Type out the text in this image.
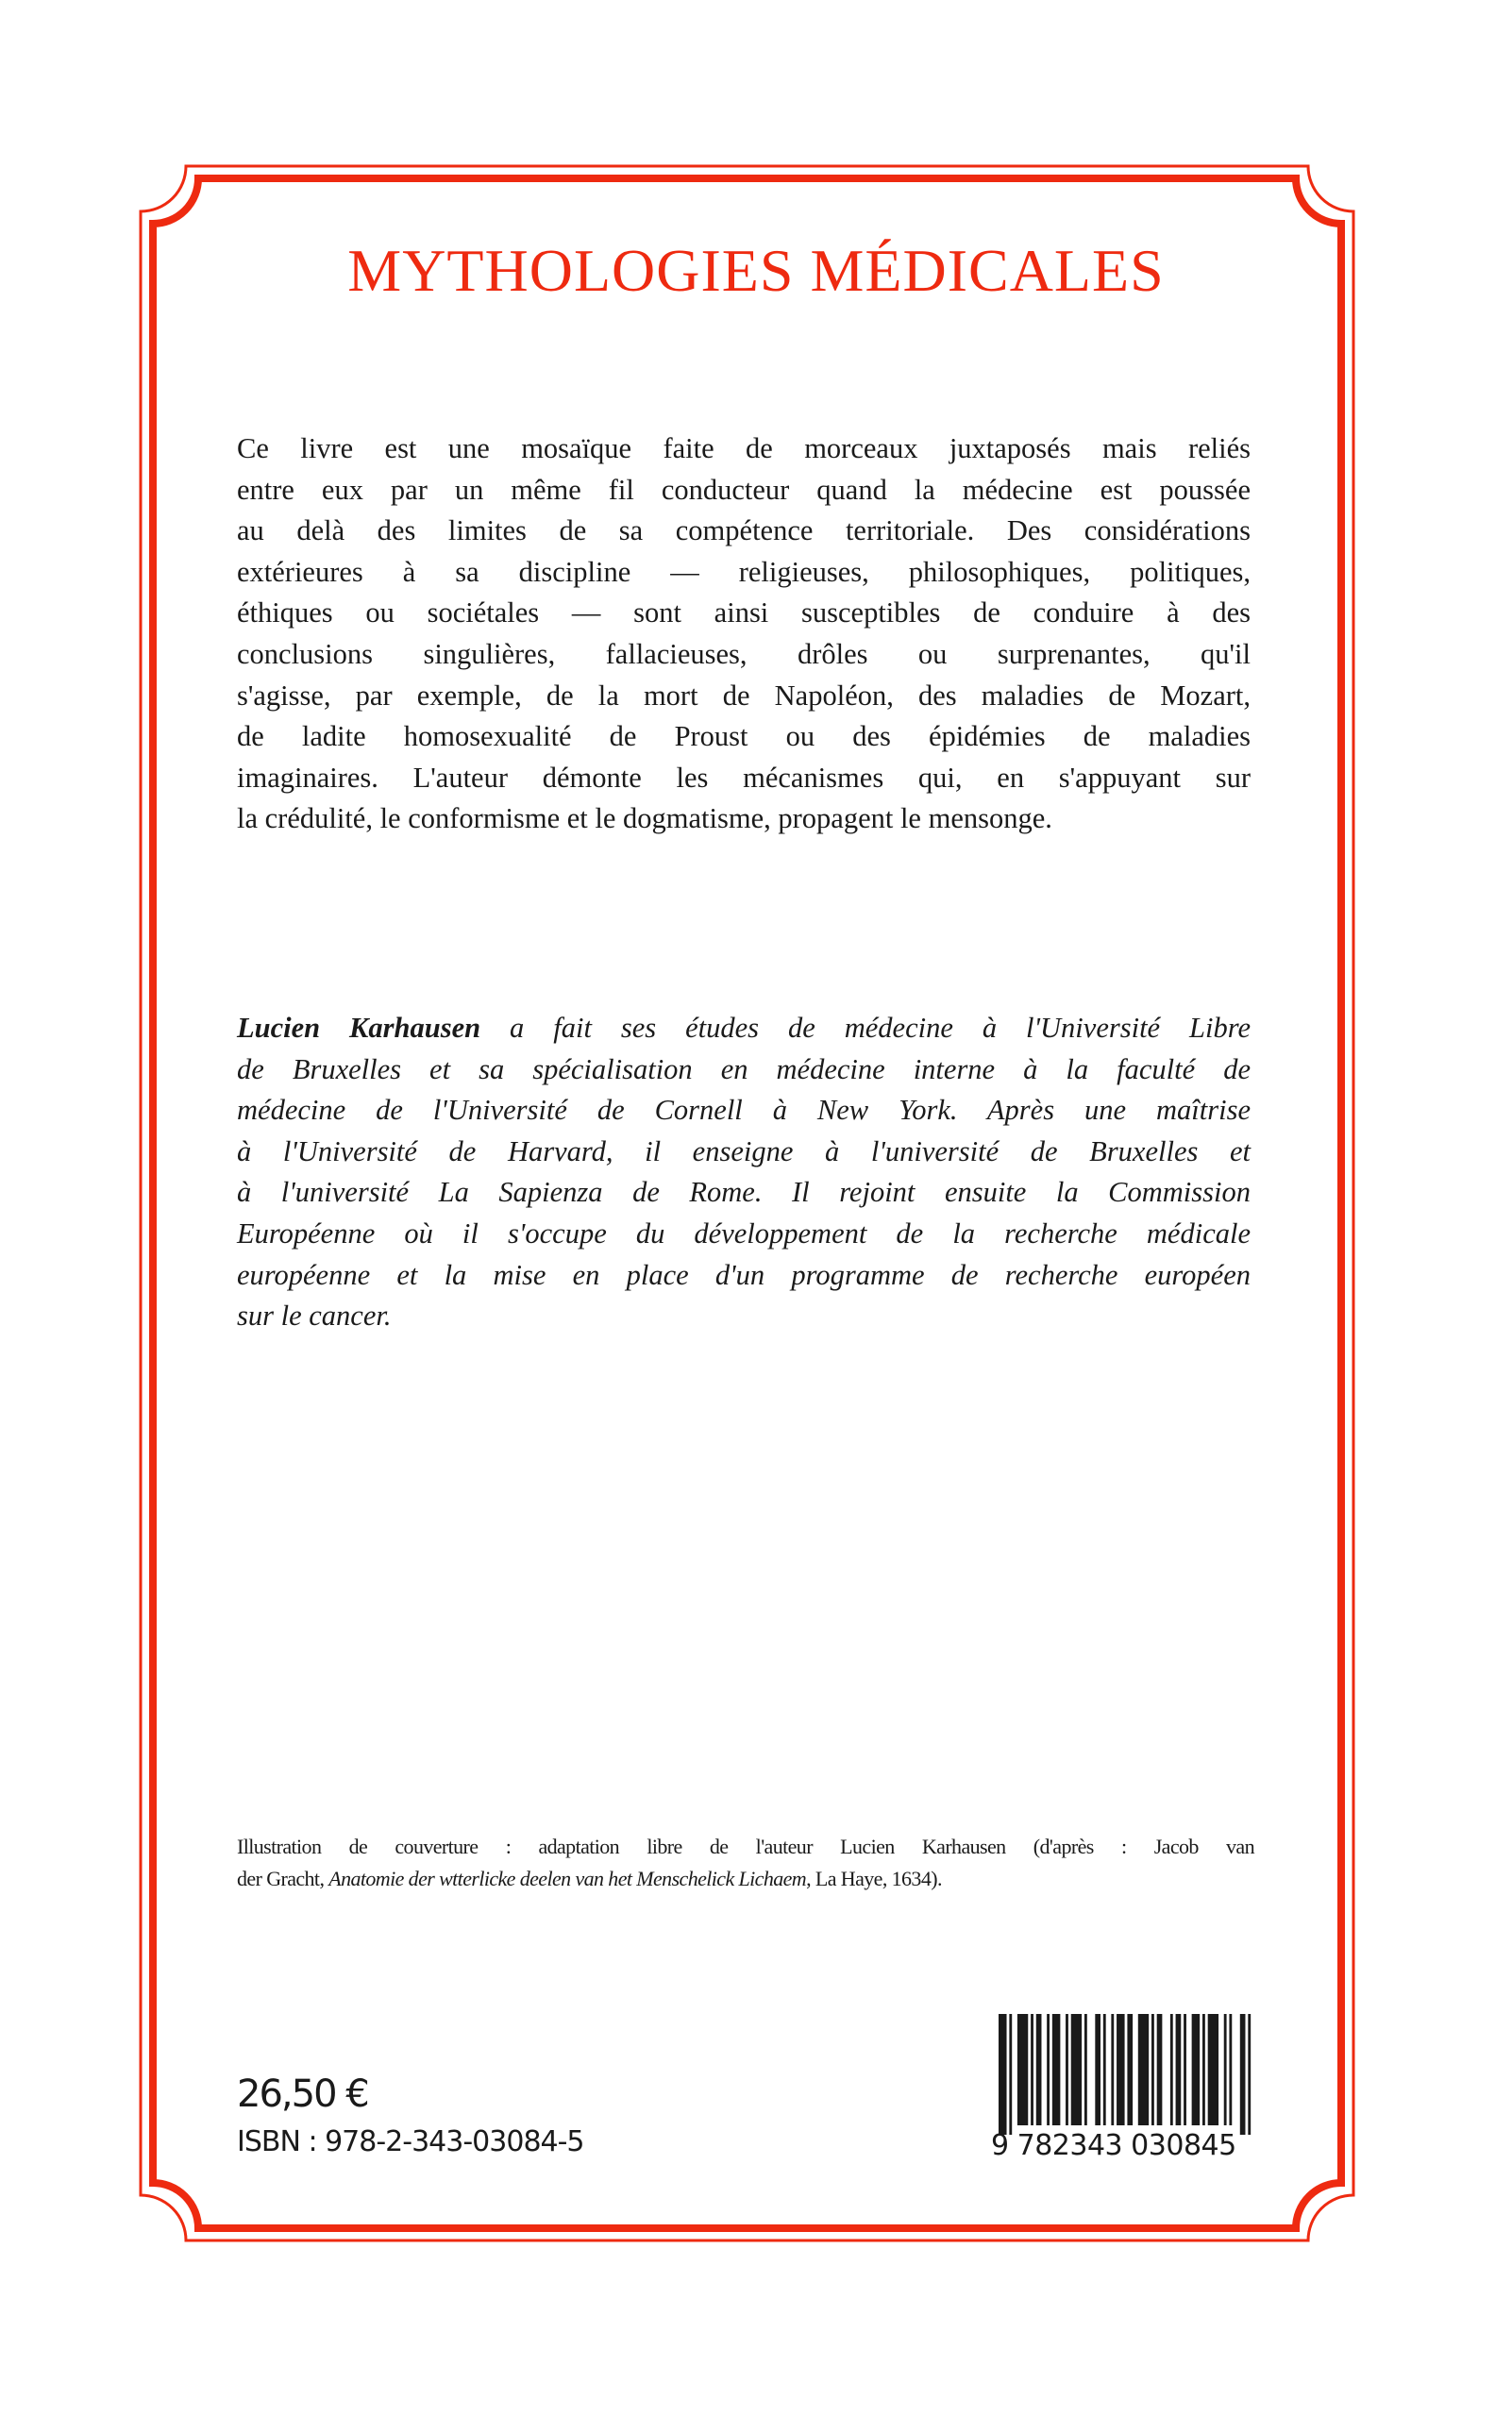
MYTHOLOGIES MÉDICALES
Ce livre est une mosaïque faite de morceaux juxtaposés mais reliés
entre eux par un même fil conducteur quand la médecine est poussée
au delà des limites de sa compétence territoriale. Des considérations
extérieures à sa discipline — religieuses, philosophiques, politiques,
éthiques ou sociétales — sont ainsi susceptibles de conduire à des
conclusions singulières, fallacieuses, drôles ou surprenantes, qu'il
s'agisse, par exemple, de la mort de Napoléon, des maladies de Mozart,
de ladite homosexualité de Proust ou des épidémies de maladies
imaginaires. L'auteur démonte les mécanismes qui, en s'appuyant sur
la crédulité, le conformisme et le dogmatisme, propagent le mensonge.
Lucien Karhausen a fait ses études de médecine à l'Université Libre
de Bruxelles et sa spécialisation en médecine interne à la faculté de
médecine de l'Université de Cornell à New York. Après une maîtrise
à l'Université de Harvard, il enseigne à l'université de Bruxelles et
à l'université La Sapienza de Rome. Il rejoint ensuite la Commission
Européenne où il s'occupe du développement de la recherche médicale
européenne et la mise en place d'un programme de recherche européen
sur le cancer.
Illustration de couverture : adaptation libre de l'auteur Lucien Karhausen (d'après : Jacob van
der Gracht, Anatomie der wtterlicke deelen van het Menschelick Lichaem, La Haye, 1634).
26,50 €
ISBN : 978-2-343-03084-5	9 782343 030845
